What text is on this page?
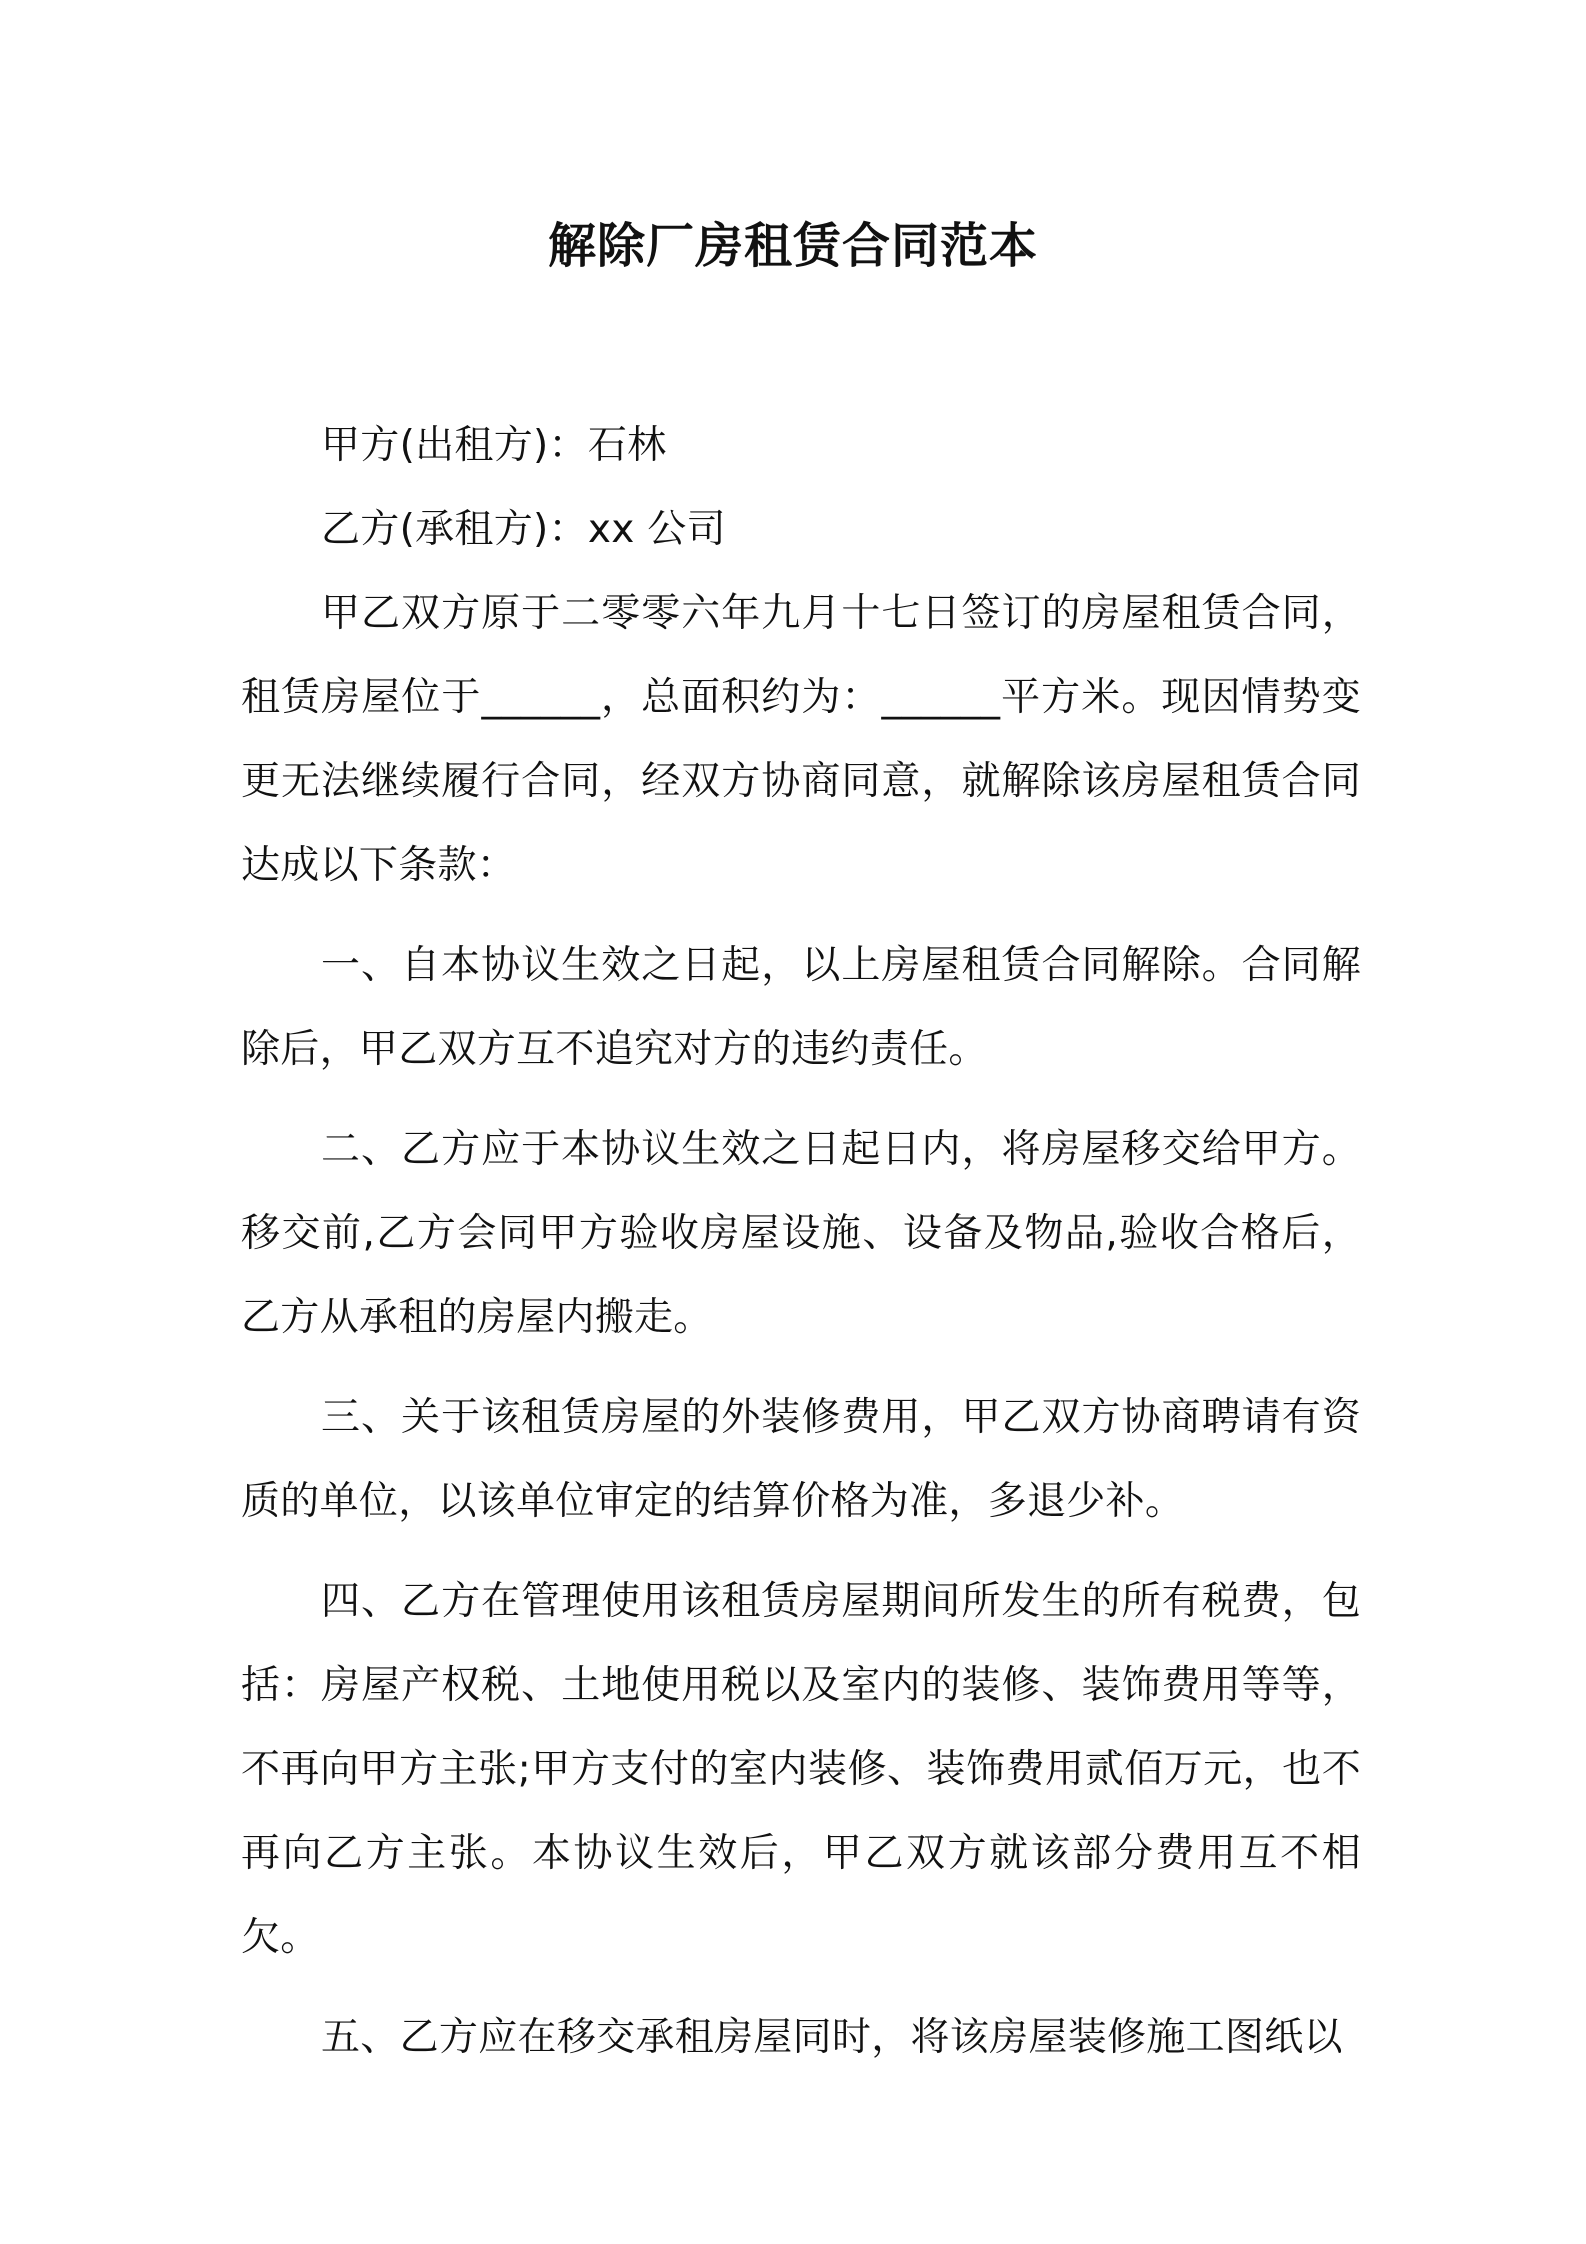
解除厂房租赁合同范本

甲方(出租方)：石林

乙方(承租方)：xx 公司

甲乙双方原于二零零六年九月十七日签订的房屋租赁合同，租赁房屋位于______，总面积约为：______平方米。现因情势变更无法继续履行合同，经双方协商同意，就解除该房屋租赁合同达成以下条款：

一、自本协议生效之日起，以上房屋租赁合同解除。合同解除后，甲乙双方互不追究对方的违约责任。

二、乙方应于本协议生效之日起日内，将房屋移交给甲方。移交前,乙方会同甲方验收房屋设施、设备及物品,验收合格后，乙方从承租的房屋内搬走。

三、关于该租赁房屋的外装修费用，甲乙双方协商聘请有资质的单位，以该单位审定的结算价格为准，多退少补。

四、乙方在管理使用该租赁房屋期间所发生的所有税费，包括：房屋产权税、土地使用税以及室内的装修、装饰费用等等，不再向甲方主张;甲方支付的室内装修、装饰费用贰佰万元，也不再向乙方主张。本协议生效后，甲乙双方就该部分费用互不相欠。

五、乙方应在移交承租房屋同时，将该房屋装修施工图纸以
